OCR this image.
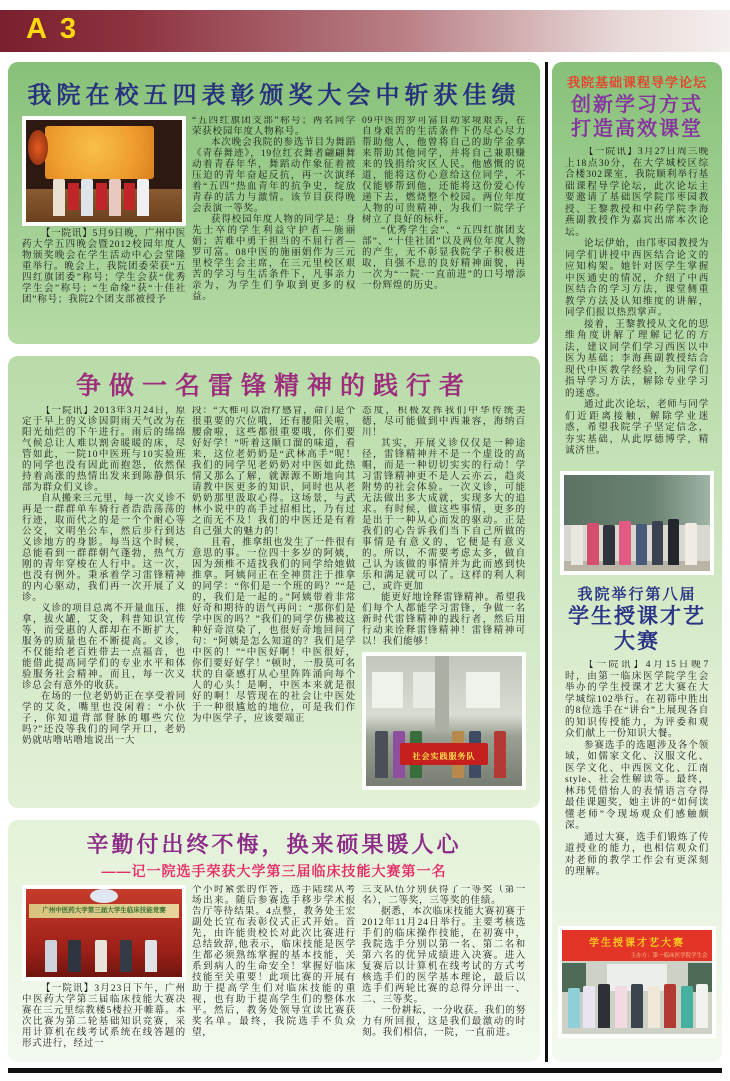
A 3
我院在校五四表彰颁奖大会中斩获佳绩

【一院讯】5月9日晚，广州中医药大学五四晚会暨2012校园年度人物颁奖晚会在学生活动中心会堂隆重举行。晚会上，我院团委荣获“五四红旗团委”称号；学生会获“优秀学生会”称号；“生命缘”获“十佳社团”称号；我院2个团支部被授予

“五四红旗团支部”称号；两名同学荣获校园年度人物称号。

本次晚会我院的参选节目为舞蹈《青春舞迹》，19位红衣舞者翩翩舞动着青春年华，舞蹈动作象征着被压迫的青年奋起反抗，再一次演绎着“五四”热血青年的抗争史，绽放青春的活力与激情。该节目获得晚会表演一等奖。

获得校园年度人物的同学是：身先士卒的学生利益守护者—施丽娟；苦难中勇于担当的不屈行者—罗可富。08中医的施丽娟作为三元里校学生会主席，在三元里校区艰苦的学习与生活条件下，凡事亲力亲为，为学生们争取到更多的权益。

09中医的罗可富自幼家境艰苦，在自身艰苦的生活条件下仍尽心尽力帮助他人，他曾将自己的助学金拿来帮助其他同学，并将自己兼职赚来的钱捐给灾区人民。他感慨的说道，能将这份心意给这位同学，不仅能够帮到他，还能将这份爱心传递下去，燃烧整个校园。两位年度人物的可贵精神，为我们一院学子树立了良好的标杆。

“优秀学生会”、“五四红旗团支部”、“十佳社团”以及两位年度人物的产生，无不彰显我院学子积极进取，自强不息的良好精神面貌，再一次为“一院·一直前进”的口号增添一份辉煌的历史。

争做一名雷锋精神的践行者

【一院讯】2013年3月24日，原定于早上的义诊因阴雨天气改为在阳光灿烂的下午进行。雨后的绵绵气候总让人难以割舍暖暖的床，尽管如此，一院10中医班与10实验班的同学也没有因此而抱怨，依然保持着高涨的热情出发来到陈静俱乐部为群众们义诊。

自从搬来三元里，每一次义诊不再是一群群单车骑行者浩浩荡荡的行迹，取而代之的是一个个耐心等公交，文明坐公车，然后步行到达义诊地方的身影。每当这个时候，总能看到一群群朝气蓬勃，热气方刚的青年穿梭在人行中。这一次，也没有例外。秉承着学习雷锋精神的内心驱动，我们再一次开展了义诊。

义诊的项目总离不开量血压，推拿，拔火罐，艾灸，科普知识宣传等，而受惠的人群却在不断扩大，服务的质量也在不断提高。义诊，不仅能给老百姓带去一点福音，也能借此提高同学们的专业水平和体验服务社会精神。而且，每一次义诊总会有意外的收获。

在场的一位老奶奶正在享受着同学的艾灸，嘴里也没闲着：“小伙子，你知道背部督脉的哪些穴位吗?”还没等我们的同学开口，老奶奶就咕噜咕噜地说出一大

段：“大椎可以治疗感冒，命门是个很重要的穴位哦，还有腰阳关啦，腰俞啦，这些都很重要哦，你们要好好学！”听着这顺口溜的味道，看来，这位老奶奶是“武林高手”呢！我们的同学见老奶奶对中医如此热情又那么了解，就源源不断地向其请教中医更多的知识，同时也从老奶奶那里汲取心得。这场景，与武林小说中的高手过招相比，乃有过之而无不及！我们的中医还是有着自己强大的魅力的！

且看，推拿组也发生了一件很有意思的事。一位四十多岁的阿姨，因为颈椎不适找我们的同学给她做推拿。阿姨问正在全神贯注于推拿的同学：“你们是一个班的吗？”“是的，我们是一起的。”阿姨带着非常好奇和期待的语气再问：“那你们是学中医的吗？”我们的同学仿佛被这种好奇渲染了，也很好奇地回问了句：“阿姨是怎么知道的？我们是学中医的！”“中医好啊！中医很好，你们要好好学！”顿时，一股莫可名状的自豪感打从心里阵阵涌向每个人的心头！是啊，中医本来就是很好的啊！尽管现在的社会让中医处于一种很尴尬的地位，可是我们作为中医学子，应该要端正

态度，积极发挥我们中华传统美德，尽可能做到中西兼容，海纳百川！

其实，开展义诊仅仅是一种途径，雷锋精神并不是一个虚设的高帽，而是一种切切实实的行动！学习雷锋精神更不是人云亦云，趋炎附势的社会体验。一次义诊，可能无法做出多大成就，实现多大的追求。有时候，做这些事情，更多的是出于一种从心而发的驱动。正是我们的心告诉我们当下自己所做的事情是有意义的，它便是有意义的。所以，不需要考虑太多，做自己认为该做的事情并为此而感到快乐和满足就可以了。这样的利人利己，或许更加

能更好地诠释雷锋精神。希望我们每个人都能学习雷锋，争做一名新时代雷锋精神的践行者，然后用行动来诠释雷锋精神！雷锋精神可以！我们能够！

社会实践服务队
辛勤付出终不悔，换来硕果暖人心
——记一院选手荣获大学第三届临床技能大赛第一名
广州中医药大学第三届大学生临床技能竞赛

【一院讯】3月23日下午，广州中医药大学第三届临床技能大赛决赛在三元里综教楼5楼拉开帷幕。本次比赛为第二轮基础知识竞赛，采用计算机在线考试系统在线答题的形式进行，经过一

个小时紧张的作答，选手陆续从考场出来。随后参赛选手移步学术报告厅等待结果。4点整，教务处王宏副处长宣布表彰仪式正式开始。首先，由许能贵校长对此次比赛进行总结致辞,他表示，临床技能是医学生都必须熟练掌握的基本技能，关系到病人的生命安全！掌握好临床技能至关重要！此项比赛的开展有助于提高学生们对临床技能的重视，也有助于提高学生们的整体水平。然后，教务处领导宣读比赛获奖名单。最终，我院选手不负众望，

三支队伍分别获得了一等奖（第一名），二等奖，三等奖的佳绩。

据悉，本次临床技能大赛初赛于2012年11月24日举行。主要考核选手们的临床操作技能，在初赛中，我院选手分别以第一名、第二名和第六名的优异成绩进入决赛。进入复赛后以计算机在线考试的方式考核选手们的医学基本理论，最后以选手们两轮比赛的总得分评出一、二、三等奖。

一份耕耘，一分收获。我们的努力有所回报，这是我们最激动的时刻。我们相信，一院，一直前进。

我院基础课程导学论坛
创新学习方式
打造高效课堂

【一院讯】3月27日周三晚上18点30分，在大学城校区综合楼302课室，我院顺利举行基础课程导学论坛，此次论坛主要邀请了基础医学院邝枣园教授、王黎教授和中药学院李海燕副教授作为嘉宾出席本次论坛。

论坛伊始，由邝枣园教授为同学们讲授中西医结合论文的应知构架。她针对医学生掌握中医通史的情况，介绍了中西医结合的学习方法，课堂侧重教学方法及认知维度的讲解，同学们报以热烈掌声。

接着，王黎教授从文化的思维角度讲解了理解记忆的方法，建议同学们学习西医以中医为基础；李海燕副教授结合现代中医教学经验，为同学们指导学习方法，解除专业学习的迷惑。

通过此次论坛，老师与同学们近距离接触，解除学业迷惑，希望我院学子坚定信念，夯实基础，从此厚德博学，精诚济世。

我院举行第八届
学生授课才艺
大赛

【一院讯】4月15日晚7时，由第一临床医学院学生会举办的学生授课才艺大赛在大学城综102举行。在初筛中胜出的8位选手在“讲台”上展现各自的知识传授能力，为评委和观众们献上一份知识大餐。

参赛选手的选题涉及各个领域，如儒家文化、汉服文化、医学文化、中西医文化、江南style、社会性解读等。最终，林玮凭借怡人的表情语言夺得最佳课题奖，她主讲的“如何读懂老师”令现场观众们感触颇深。

通过大赛，选手们锻炼了传道授业的能力，也相信观众们对老师的教学工作会有更深刻的理解。

学生授课才艺大赛
主办方：第一临床医学院学生会
